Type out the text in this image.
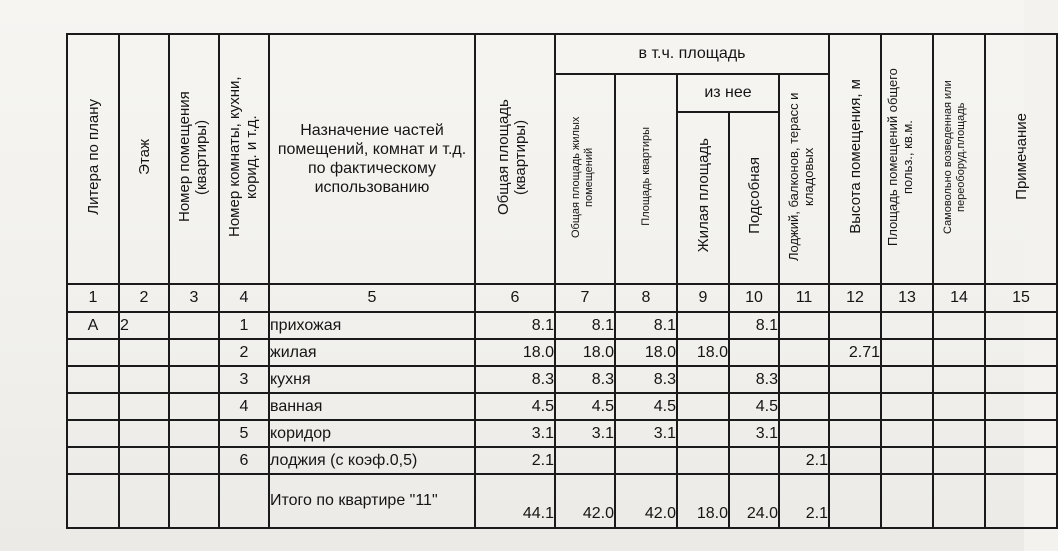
Литера по плану	Этаж	Номер помещения (квартиры)	Номер комнаты, кухни, корид. и т.д.	Назначение частей помещений, комнат и т.д. по фактическому использованию	Общая площадь (квартиры)	в т.ч. площадь					Высота помещения, м	Площадь помещений общего польз., кв.м.	Самовольно возведенная или переоборуд.площадь	Примечание
						Общая площадь жилых помещений	Площадь квартиры	из нее		Лоджий, балконов, терасс и кладовых				
								Жилая площадь	Подсобная					
1	2	3	4	5	6	7	8	9	10	11	12	13	14	15
А	2		1	прихожая	8.1	8.1	8.1		8.1					
			2	жилая	18.0	18.0	18.0	18.0			2.71			
			3	кухня	8.3	8.3	8.3		8.3					
			4	ванная	4.5	4.5	4.5		4.5					
			5	коридор	3.1	3.1	3.1		3.1					
			6	лоджия (с коэф.0,5)	2.1					2.1				
				Итого по квартире "11"	44.1	42.0	42.0	18.0	24.0	2.1				
